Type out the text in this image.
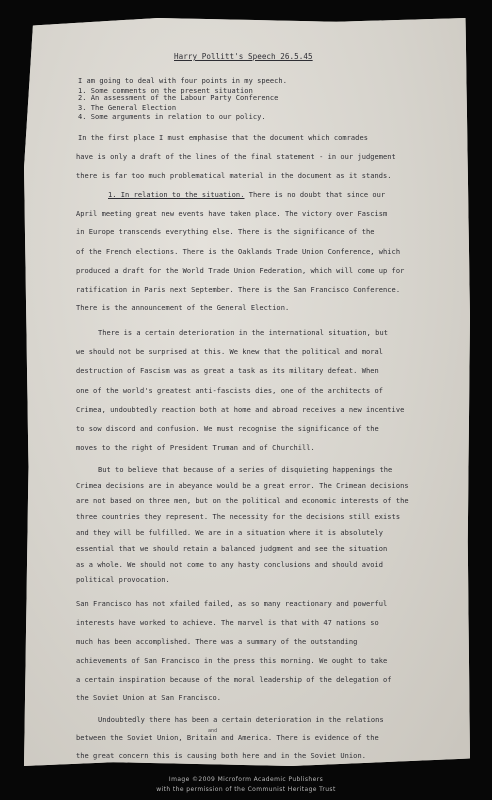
Harry Pollitt's Speech 26.5.45
I am going to deal with four points in my speech.
1. Some comments on the present situation
2. An assessment of the Labour Party Conference
3. The General Election
4. Some arguments in relation to our policy.
In the first place I must emphasise that the document which comrades
have is only a draft of the lines of the final statement - in our judgement
there is far too much problematical material in the document as it stands.
1. In relation to the situation. There is no doubt that since our
April meeting great new events have taken place. The victory over Fascism
in Europe transcends everything else. There is the significance of the
of the French elections. There is the Oaklands Trade Union Conference, which
produced a draft for the World Trade Union Federation, which will come up for
ratification in Paris next September. There is the San Francisco Conference.
There is the announcement of the General Election.
There is a certain deterioration in the international situation, but
we should not be surprised at this. We knew that the political and moral
destruction of Fascism was as great a task as its military defeat. When
one of the world's greatest anti-fascists dies, one of the architects of
Crimea, undoubtedly reaction both at home and abroad receives a new incentive
to sow discord and confusion. We must recognise the significance of the
moves to the right of President Truman and of Churchill.
But to believe that because of a series of disquieting happenings the
Crimea decisions are in abeyance would be a great error. The Crimean decisions
are not based on three men, but on the political and economic interests of the
three countries they represent. The necessity for the decisions still exists
and they will be fulfilled. We are in a situation where it is absolutely
essential that we should retain a balanced judgment and see the situation
as a whole. We should not come to any hasty conclusions and should avoid
political provocation.
San Francisco has not xfailed failed, as so many reactionary and powerful
interests have worked to achieve. The marvel is that with 47 nations so
much has been accomplished. There was a summary of the outstanding
achievements of San Francisco in the press this morning. We ought to take
a certain inspiration because of the moral leadership of the delegation of
the Soviet Union at San Francisco.
Undoubtedly there has been a certain deterioration in the relations
and
between the Soviet Union, Britain and America. There is evidence of the
the great concern this is causing both here and in the Soviet Union.
Image ©2009 Microform Academic Publishers
with the permission of the Communist Heritage Trust
